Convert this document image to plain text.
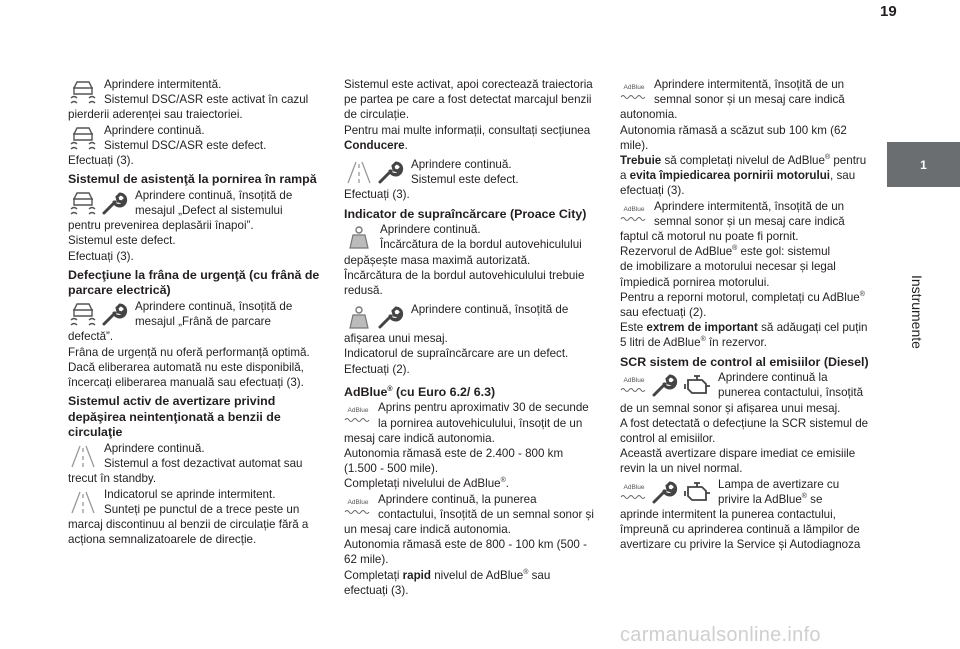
19
1
Instrumente
Aprindere intermitentă.
Sistemul DSC/ASR este activat în cazul
pierderii aderenței sau traiectoriei.
Aprindere continuă.
Sistemul DSC/ASR este defect.
Efectuați (3).
Sistemul de asistenţă la pornirea în rampă
Aprindere continuă, însoțită de
mesajul „Defect al sistemului
pentru prevenirea deplasării înapoi”.
Sistemul este defect.
Efectuați (3).
Defecţiune la frâna de urgenţă (cu frână de
parcare electrică)
Aprindere continuă, însoțită de
mesajul „Frână de parcare
defectă”.
Frâna de urgență nu oferă performanță optimă.
Dacă eliberarea automată nu este disponibilă,
încercați eliberarea manuală sau efectuați (3).
Sistemul activ de avertizare privind
depăşirea neintenţionată a benzii de
circulaţie
Aprindere continuă.
Sistemul a fost dezactivat automat sau
trecut în standby.
Indicatorul se aprinde intermitent.
Sunteți pe punctul de a trece peste un
marcaj discontinuu al benzii de circulație fără a
acționa semnalizatoarele de direcție.
Sistemul este activat, apoi corectează traiectoria
pe partea pe care a fost detectat marcajul benzii
de circulație.
Pentru mai multe informații, consultați secțiunea
Conducere.
Aprindere continuă.
Sistemul este defect.
Efectuați (3).
Indicator de supraîncărcare (Proace City)
Aprindere continuă.
Încărcătura de la bordul autovehiculului
depășește masa maximă autorizată.
Încărcătura de la bordul autovehiculului trebuie
redusă.
Aprindere continuă, însoțită de
afișarea unui mesaj.
Indicatorul de supraîncărcare are un defect.
Efectuați (2).
AdBlue® (cu Euro 6.2/ 6.3)
AdBlue Aprins pentru aproximativ 30 de secunde
la pornirea autovehiculului, însoțit de un
mesaj care indică autonomia.
Autonomia rămasă este de 2.400 - 800 km
(1.500 - 500 mile).
Completați nivelului de AdBlue®.
AdBlue Aprindere continuă, la punerea
contactului, însoțită de un semnal sonor și
un mesaj care indică autonomia.
Autonomia rămasă este de 800 - 100 km (500 -
62 mile).
Completați rapid nivelul de AdBlue® sau
efectuați (3).
AdBlue Aprindere intermitentă, însoțită de un
semnal sonor și un mesaj care indică
autonomia.
Autonomia rămasă a scăzut sub 100 km (62
mile).
Trebuie să completați nivelul de AdBlue® pentru
a evita împiedicarea pornirii motorului, sau
efectuați (3).
AdBlue Aprindere intermitentă, însoțită de un
semnal sonor și un mesaj care indică
faptul că motorul nu poate fi pornit.
Rezervorul de AdBlue® este gol: sistemul
de imobilizare a motorului necesar și legal
împiedică pornirea motorului.
Pentru a reporni motorul, completați cu AdBlue®
sau efectuați (2).
Este extrem de important să adăugați cel puțin
5 litri de AdBlue® în rezervor.
SCR sistem de control al emisiilor (Diesel)
AdBlue	Aprindere continuă la
punerea contactului, însoțită
de un semnal sonor și afișarea unui mesaj.
A fost detectată o defecțiune la SCR sistemul de
control al emisiilor.
Această avertizare dispare imediat ce emisiile
revin la un nivel normal.
AdBlue	Lampa de avertizare cu
privire la AdBlue® se
aprinde intermitent la punerea contactului,
împreună cu aprinderea continuă a lămpilor de
avertizare cu privire la Service și Autodiagnoza
carmanualsonline.info
